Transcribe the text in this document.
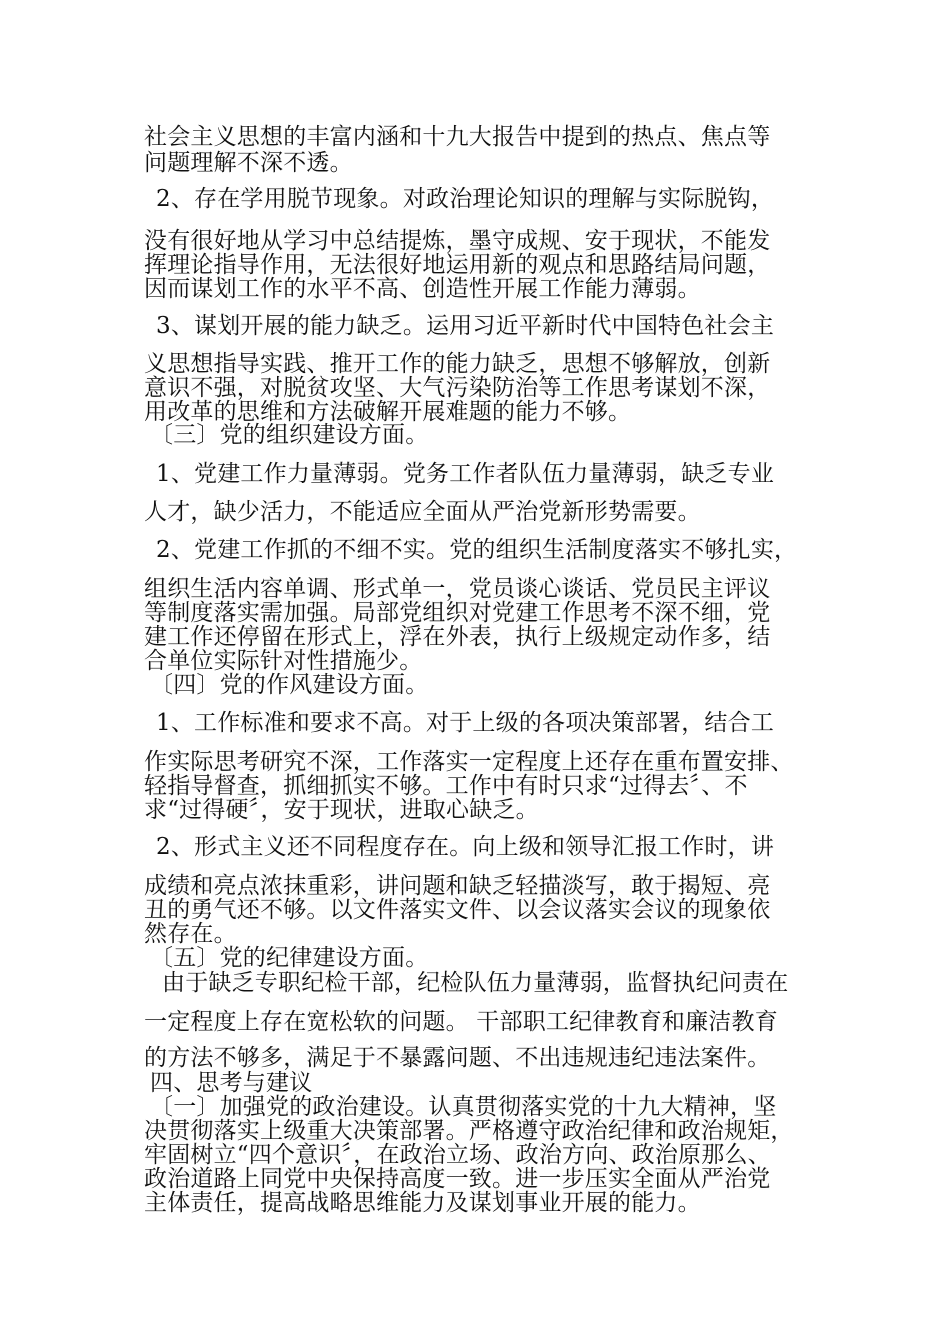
社会主义思想的丰富内涵和十九大报告中提到的热点、焦点等
问题理解不深不透。
2、存在学用脱节现象。对政治理论知识的理解与实际脱钩，
没有很好地从学习中总结提炼，墨守成规、安于现状，不能发
挥理论指导作用，无法很好地运用新的观点和思路结局问题，
因而谋划工作的水平不高、创造性开展工作能力薄弱。
3、谋划开展的能力缺乏。运用习近平新时代中国特色社会主
义思想指导实践、推开工作的能力缺乏，思想不够解放，创新
意识不强，对脱贫攻坚、大气污染防治等工作思考谋划不深，
用改革的思维和方法破解开展难题的能力不够。
〔三〕党的组织建设方面。
1、党建工作力量薄弱。党务工作者队伍力量薄弱，缺乏专业
人才，缺少活力，不能适应全面从严治党新形势需要。
2、党建工作抓的不细不实。党的组织生活制度落实不够扎实，
组织生活内容单调、形式单一，党员谈心谈话、党员民主评议
等制度落实需加强。局部党组织对党建工作思考不深不细，党
建工作还停留在形式上，浮在外表，执行上级规定动作多，结
合单位实际针对性措施少。
〔四〕党的作风建设方面。
1、工作标准和要求不高。对于上级的各项决策部署，结合工
作实际思考研究不深，工作落实一定程度上还存在重布置安排、
轻指导督查，抓细抓实不够。工作中有时只求“过得去〞、不
求“过得硬〞，安于现状，进取心缺乏。
2、形式主义还不同程度存在。向上级和领导汇报工作时，讲
成绩和亮点浓抹重彩，讲问题和缺乏轻描淡写，敢于揭短、亮
丑的勇气还不够。以文件落实文件、以会议落实会议的现象依
然存在。
〔五〕党的纪律建设方面。
由于缺乏专职纪检干部，纪检队伍力量薄弱，监督执纪问责在
一定程度上存在宽松软的问题。 干部职工纪律教育和廉洁教育
的方法不够多，满足于不暴露问题、不出违规违纪违法案件。
四、思考与建议
〔一〕加强党的政治建设。认真贯彻落实党的十九大精神，坚
决贯彻落实上级重大决策部署。严格遵守政治纪律和政治规矩，
牢固树立“四个意识〞，在政治立场、政治方向、政治原那么、
政治道路上同党中央保持高度一致。进一步压实全面从严治党
主体责任，提高战略思维能力及谋划事业开展的能力。
